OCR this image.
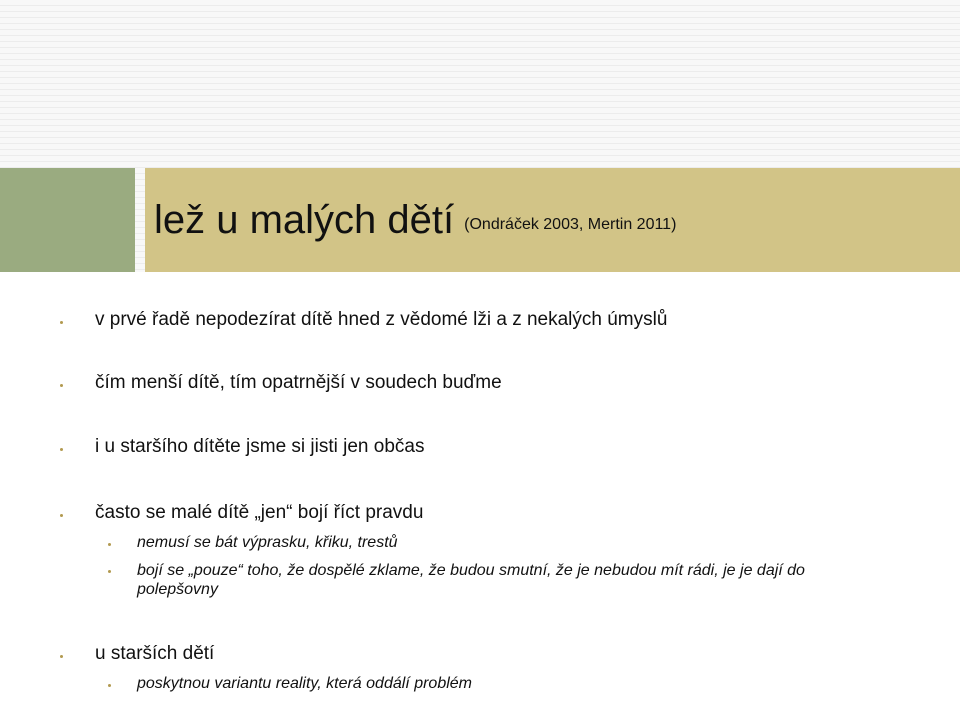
lež u malých dětí (Ondráček 2003, Mertin 2011)

v prvé řadě nepodezírat dítě hned z vědomé lži a z nekalých úmyslů

čím menší dítě, tím opatrnější v soudech buďme

i u staršího dítěte jsme si jisti jen občas

často se malé dítě „jen“ bojí říct pravdu

nemusí se bát výprasku, křiku, trestů

bojí se „pouze“ toho, že dospělé zklame, že budou smutní, že je nebudou mít rádi, je je dají do polepšovny

u starších dětí

poskytnou variantu reality, která oddálí problém
